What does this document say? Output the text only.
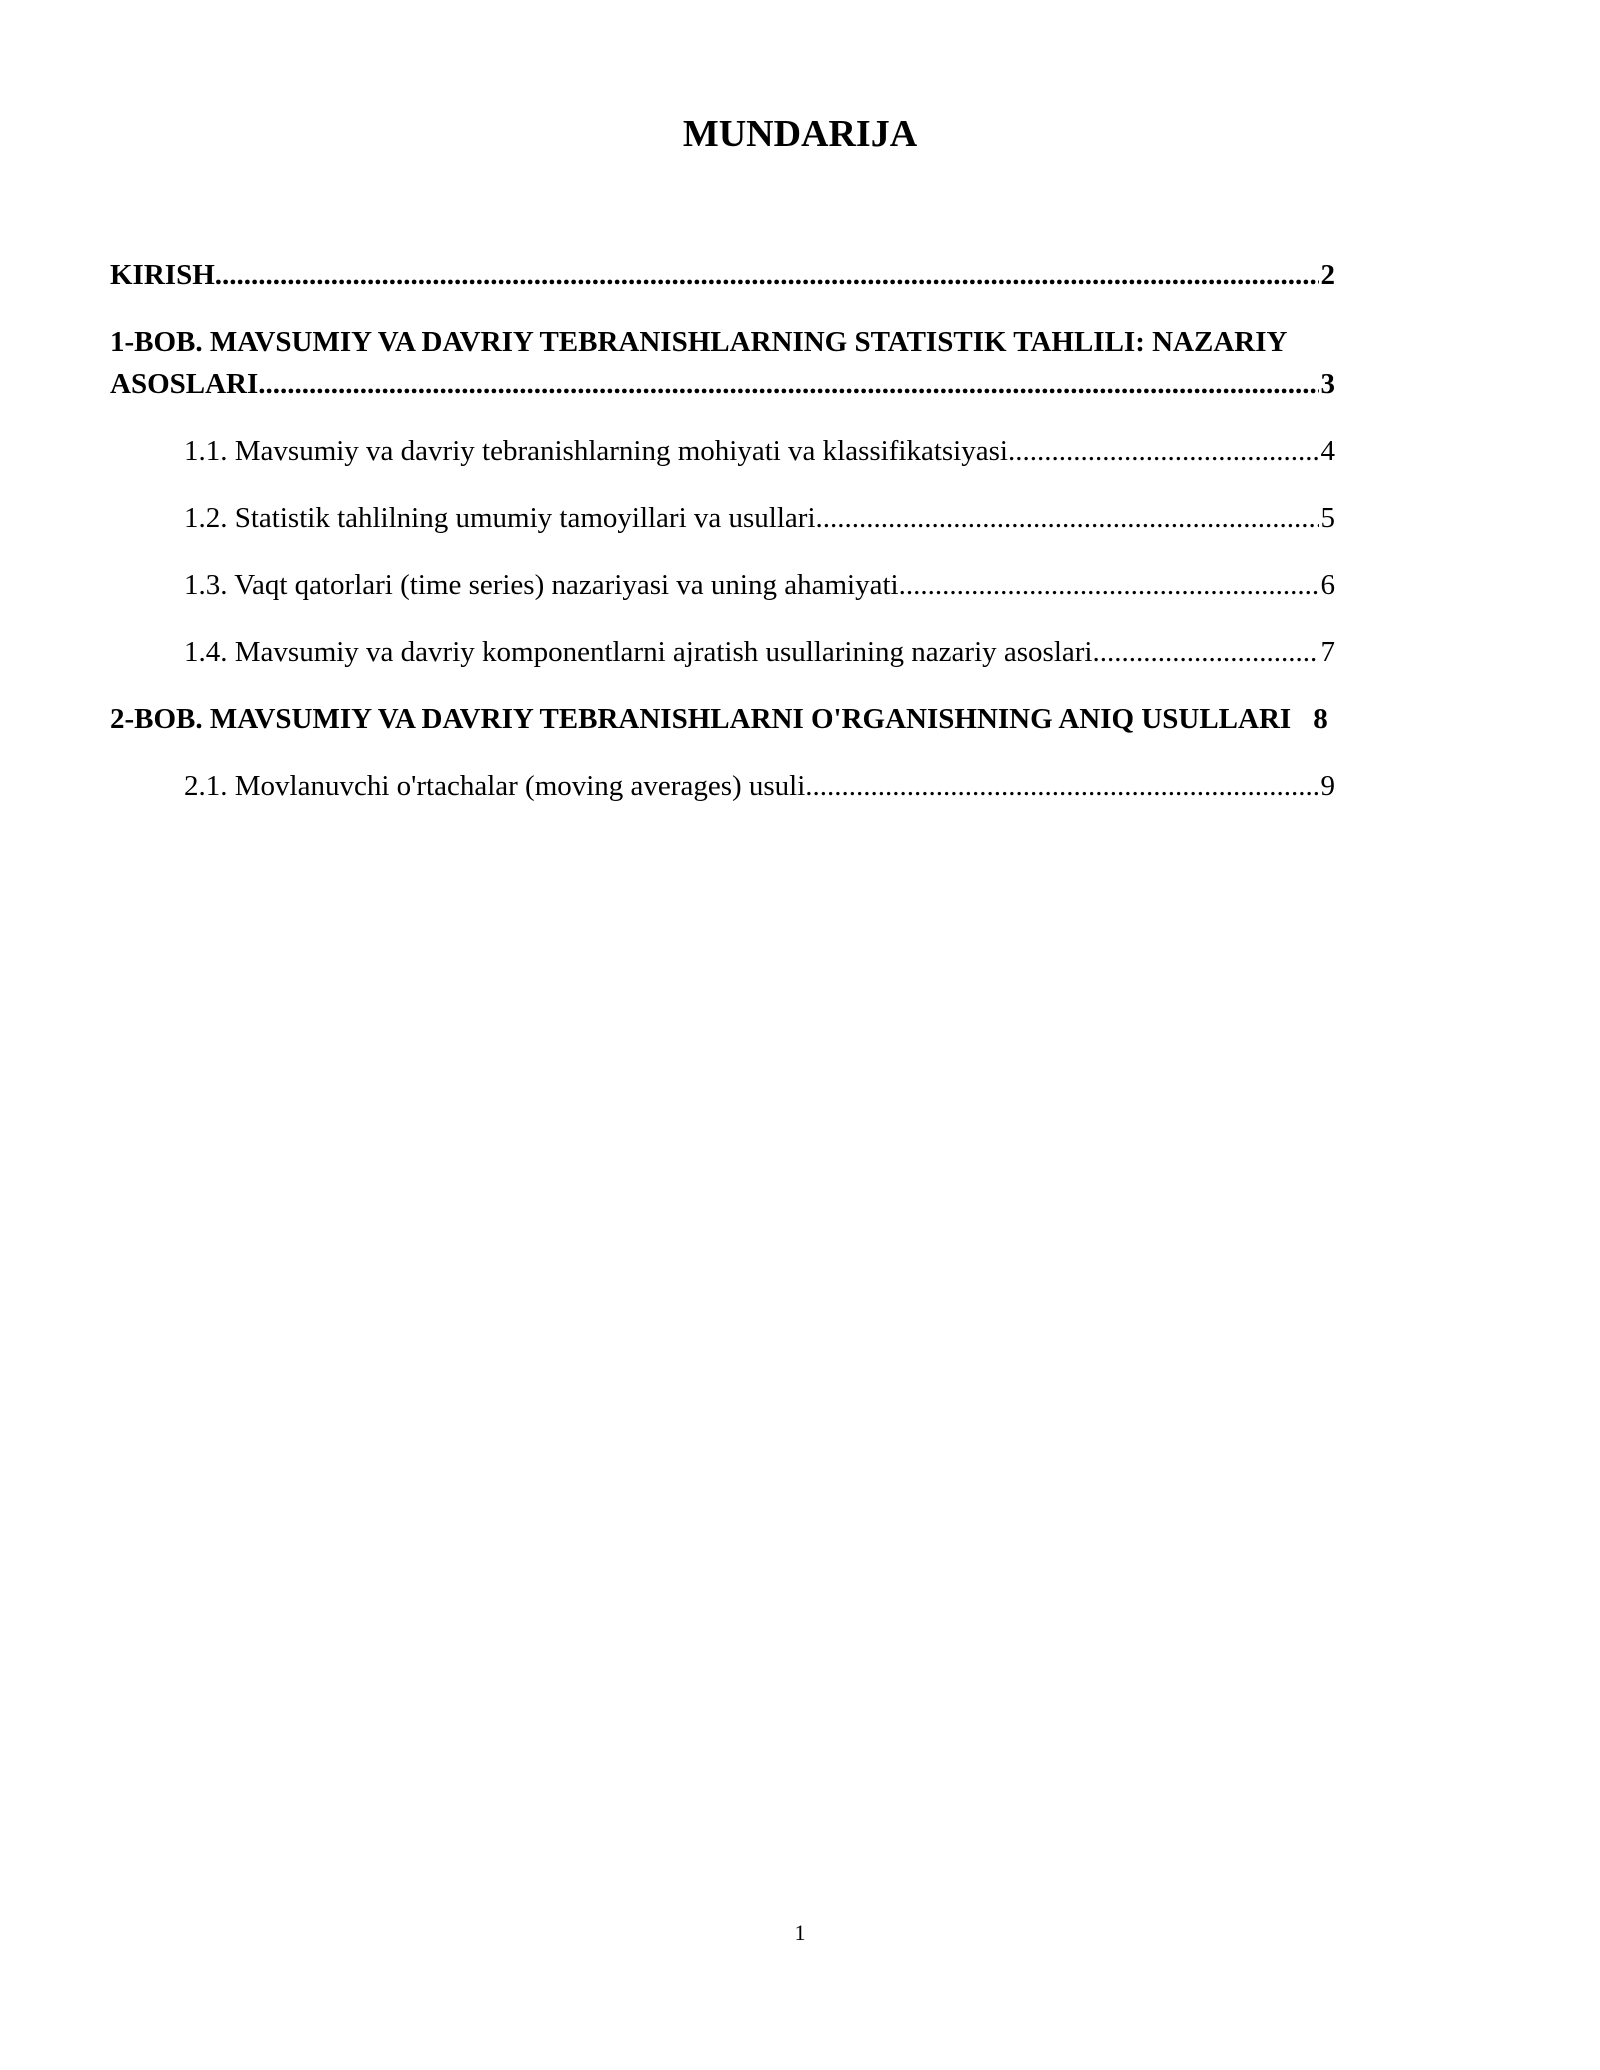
MUNDARIJA
KIRISH .....	2
1-BOB. MAVSUMIY VA DAVRIY TEBRANISHLARNING STATISTIK TAHLILI: NAZARIY
ASOSLARI .....	3
1.1. Mavsumiy va davriy tebranishlarning mohiyati va klassifikatsiyasi .....	4
1.2. Statistik tahlilning umumiy tamoyillari va usullari .....	5
1.3. Vaqt qatorlari (time series) nazariyasi va uning ahamiyati .....	6
1.4. Mavsumiy va davriy komponentlarni ajratish usullarining nazariy asoslari .....	7
2-BOB. MAVSUMIY VA DAVRIY TEBRANISHLARNI O'RGANISHNING ANIQ USULLARI 8
2.1. Movlanuvchi o'rtachalar (moving averages) usuli .....	9
1
